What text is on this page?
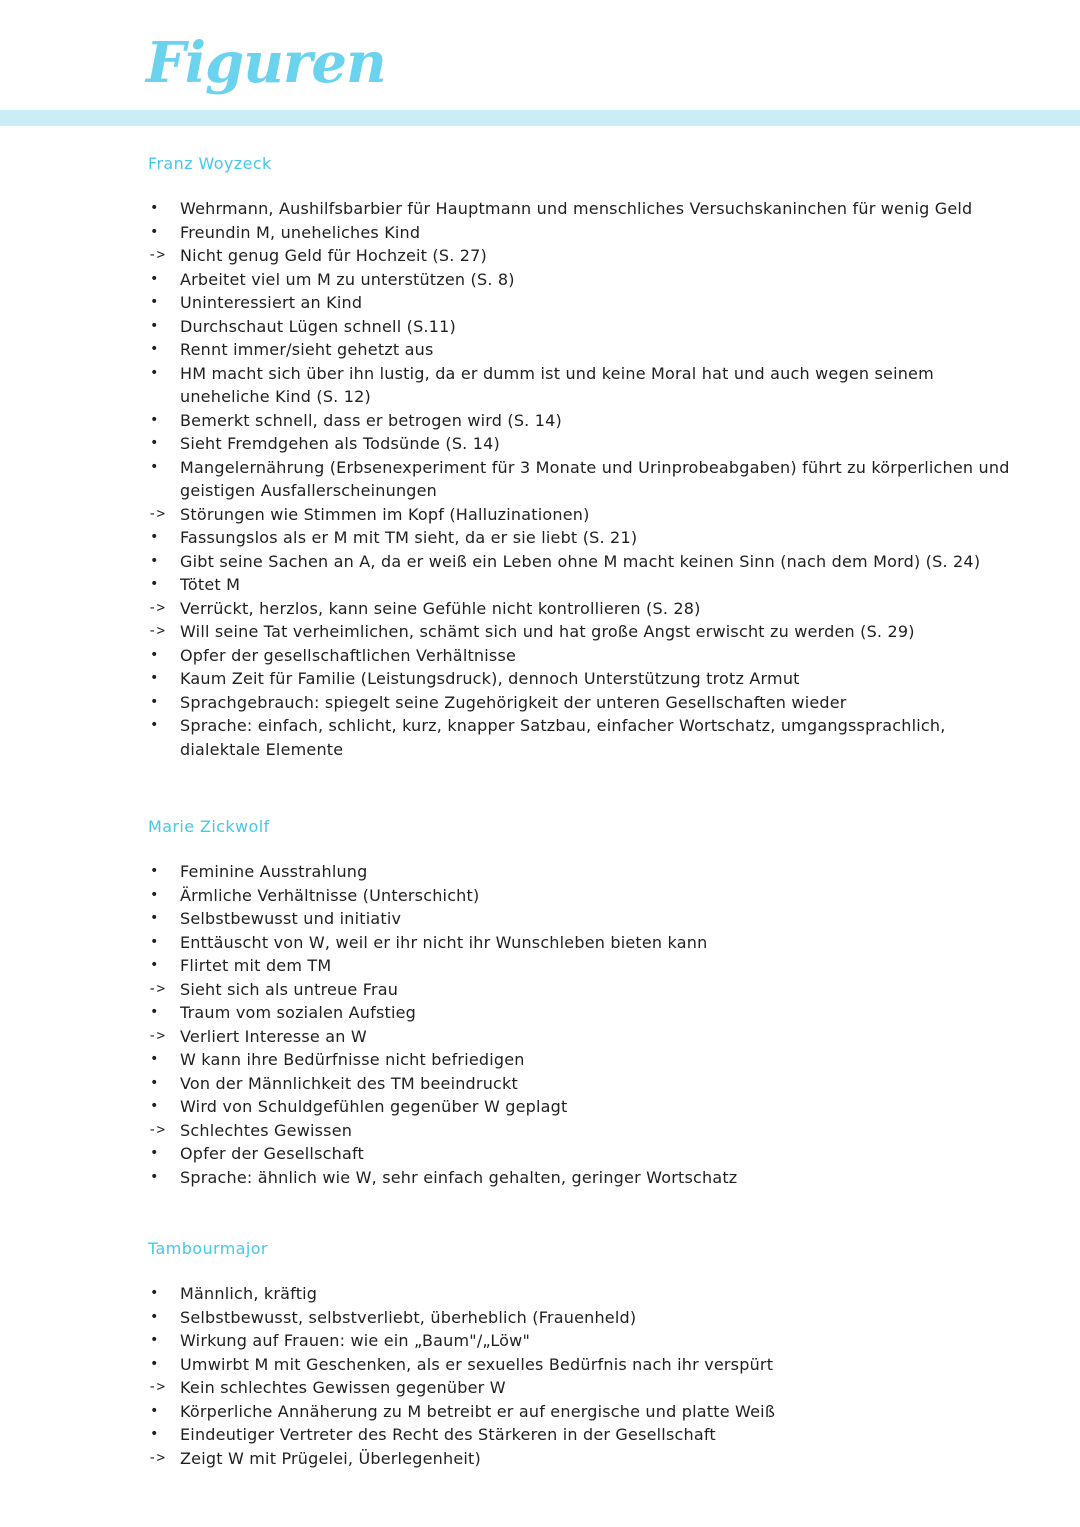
Figuren
Franz Woyzeck
•	Wehrmann, Aushilfsbarbier für Hauptmann und menschliches Versuchskaninchen für wenig Geld
•	Freundin M, uneheliches Kind
-> Nicht genug Geld für Hochzeit (S. 27)
•	Arbeitet viel um M zu unterstützen (S. 8)
•	Uninteressiert an Kind
•	Durchschaut Lügen schnell (S.11)
•	Rennt immer/sieht gehetzt aus
•	HM macht sich über ihn lustig, da er dumm ist und keine Moral hat und auch wegen seinem uneheliche Kind (S. 12)
•	Bemerkt schnell, dass er betrogen wird (S. 14)
•	Sieht Fremdgehen als Todsünde (S. 14)
•	Mangelernährung (Erbsenexperiment für 3 Monate und Urinprobeabgaben) führt zu körperlichen und geistigen Ausfallerscheinungen
-> Störungen wie Stimmen im Kopf (Halluzinationen)
•	Fassungslos als er M mit TM sieht, da er sie liebt (S. 21)
•	Gibt seine Sachen an A, da er weiß ein Leben ohne M macht keinen Sinn (nach dem Mord) (S. 24)
•	Tötet M
-> Verrückt, herzlos, kann seine Gefühle nicht kontrollieren (S. 28)
-> Will seine Tat verheimlichen, schämt sich und hat große Angst erwischt zu werden (S. 29)
•	Opfer der gesellschaftlichen Verhältnisse
•	Kaum Zeit für Familie (Leistungsdruck), dennoch Unterstützung trotz Armut
•	Sprachgebrauch: spiegelt seine Zugehörigkeit der unteren Gesellschaften wieder
•	Sprache: einfach, schlicht, kurz, knapper Satzbau, einfacher Wortschatz, umgangssprachlich, dialektale Elemente
Marie Zickwolf
•	Feminine Ausstrahlung
•	Ärmliche Verhältnisse (Unterschicht)
•	Selbstbewusst und initiativ
•	Enttäuscht von W, weil er ihr nicht ihr Wunschleben bieten kann
•	Flirtet mit dem TM
-> Sieht sich als untreue Frau
•	Traum vom sozialen Aufstieg
-> Verliert Interesse an W
•	W kann ihre Bedürfnisse nicht befriedigen
•	Von der Männlichkeit des TM beeindruckt
•	Wird von Schuldgefühlen gegenüber W geplagt
-> Schlechtes Gewissen
•	Opfer der Gesellschaft
•	Sprache: ähnlich wie W, sehr einfach gehalten, geringer Wortschatz
Tambourmajor
•	Männlich, kräftig
•	Selbstbewusst, selbstverliebt, überheblich (Frauenheld)
•	Wirkung auf Frauen: wie ein „Baum"/„Löw"
•	Umwirbt M mit Geschenken, als er sexuelles Bedürfnis nach ihr verspürt
-> Kein schlechtes Gewissen gegenüber W
•	Körperliche Annäherung zu M betreibt er auf energische und platte Weiß
•	Eindeutiger Vertreter des Recht des Stärkeren in der Gesellschaft
-> Zeigt W mit Prügelei, Überlegenheit)
